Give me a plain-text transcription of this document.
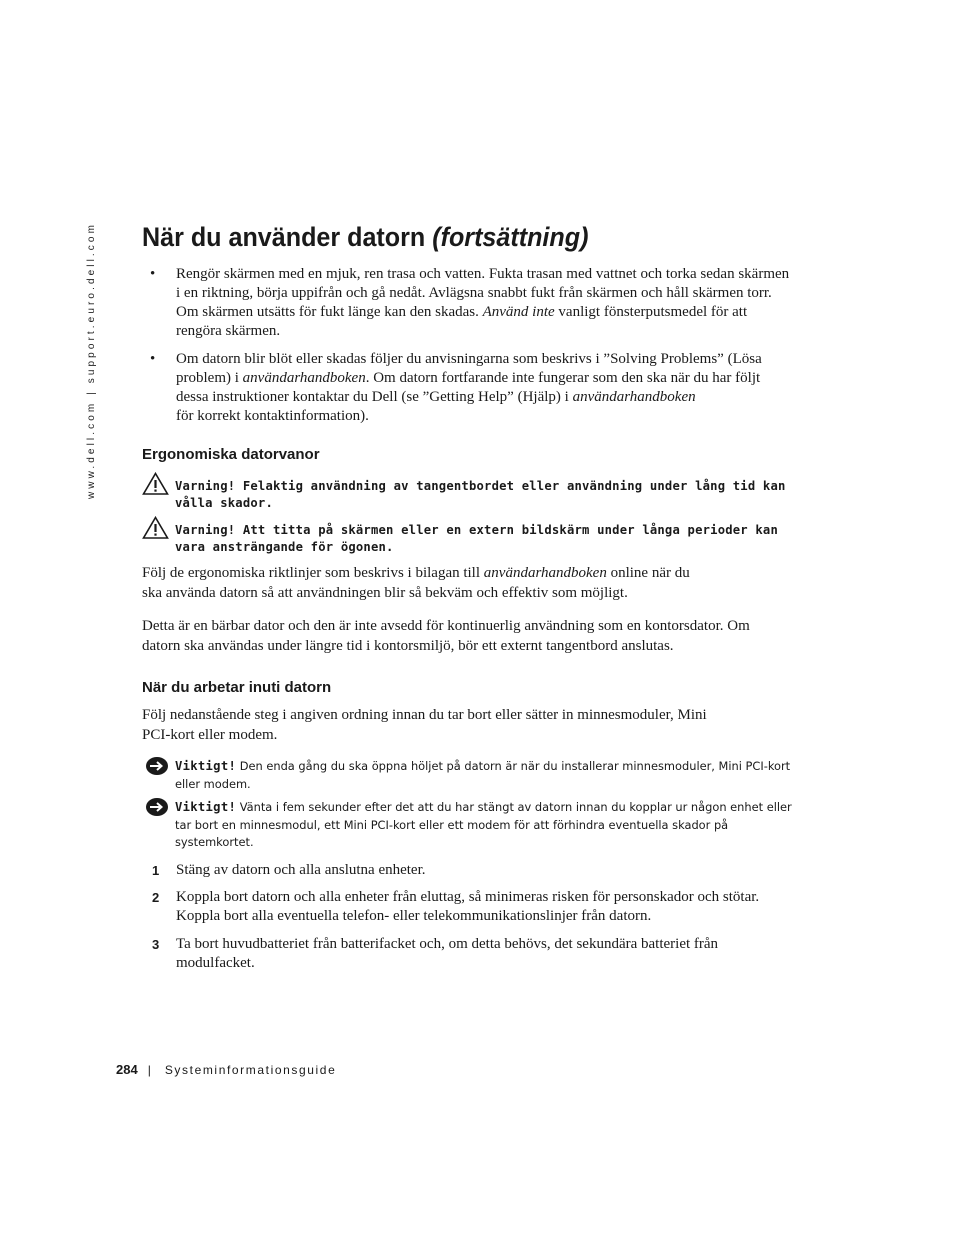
www.dell.com | support.euro.dell.com När du använder datorn (fortsättning)
• Rengör skärmen med en mjuk, ren trasa och vatten. Fukta trasan med vattnet och torka sedan skärmen i en riktning, börja uppifrån och gå nedåt. Avlägsna snabbt fukt från skärmen och håll skärmen torr. Om skärmen utsätts för fukt länge kan den skadas. Använd inte vanligt fönsterputsmedel för att rengöra skärmen.
• Om datorn blir blöt eller skadas följer du anvisningarna som beskrivs i ”Solving Problems” (Lösa problem) i användarhandboken. Om datorn fortfarande inte fungerar som den ska när du har följt dessa instruktioner kontaktar du Dell (se ”Getting Help” (Hjälp) i användarhandboken
för korrekt kontaktinformation).
Ergonomiska datorvanor
Varning! Felaktig användning av tangentbordet eller användning under lång tid kan vålla skador.
Varning! Att titta på skärmen eller en extern bildskärm under långa perioder kan vara ansträngande för ögonen.
Följ de ergonomiska riktlinjer som beskrivs i bilagan till användarhandboken online när du ska använda datorn så att användningen blir så bekväm och effektiv som möjligt.
Detta är en bärbar dator och den är inte avsedd för kontinuerlig användning som en kontorsdator. Om datorn ska användas under längre tid i kontorsmiljö, bör ett externt tangentbord anslutas.
När du arbetar inuti datorn
Följ nedanstående steg i angiven ordning innan du tar bort eller sätter in minnesmoduler, Mini PCI-kort eller modem.
Viktigt! Den enda gång du ska öppna höljet på datorn är när du installerar minnesmoduler, Mini PCI-kort eller modem.
Viktigt! Vänta i fem sekunder efter det att du har stängt av datorn innan du kopplar ur någon enhet eller tar bort en minnesmodul, ett Mini PCI-kort eller ett modem för att förhindra eventuella skador på systemkortet.
1 Stäng av datorn och alla anslutna enheter.
2 Koppla bort datorn och alla enheter från eluttag, så minimeras risken för personskador och stötar. Koppla bort alla eventuella telefon- eller telekommunikationslinjer från datorn.
3 Ta bort huvudbatteriet från batterifacket och, om detta behövs, det sekundära batteriet från modulfacket.
284 | Systeminformationsguide
